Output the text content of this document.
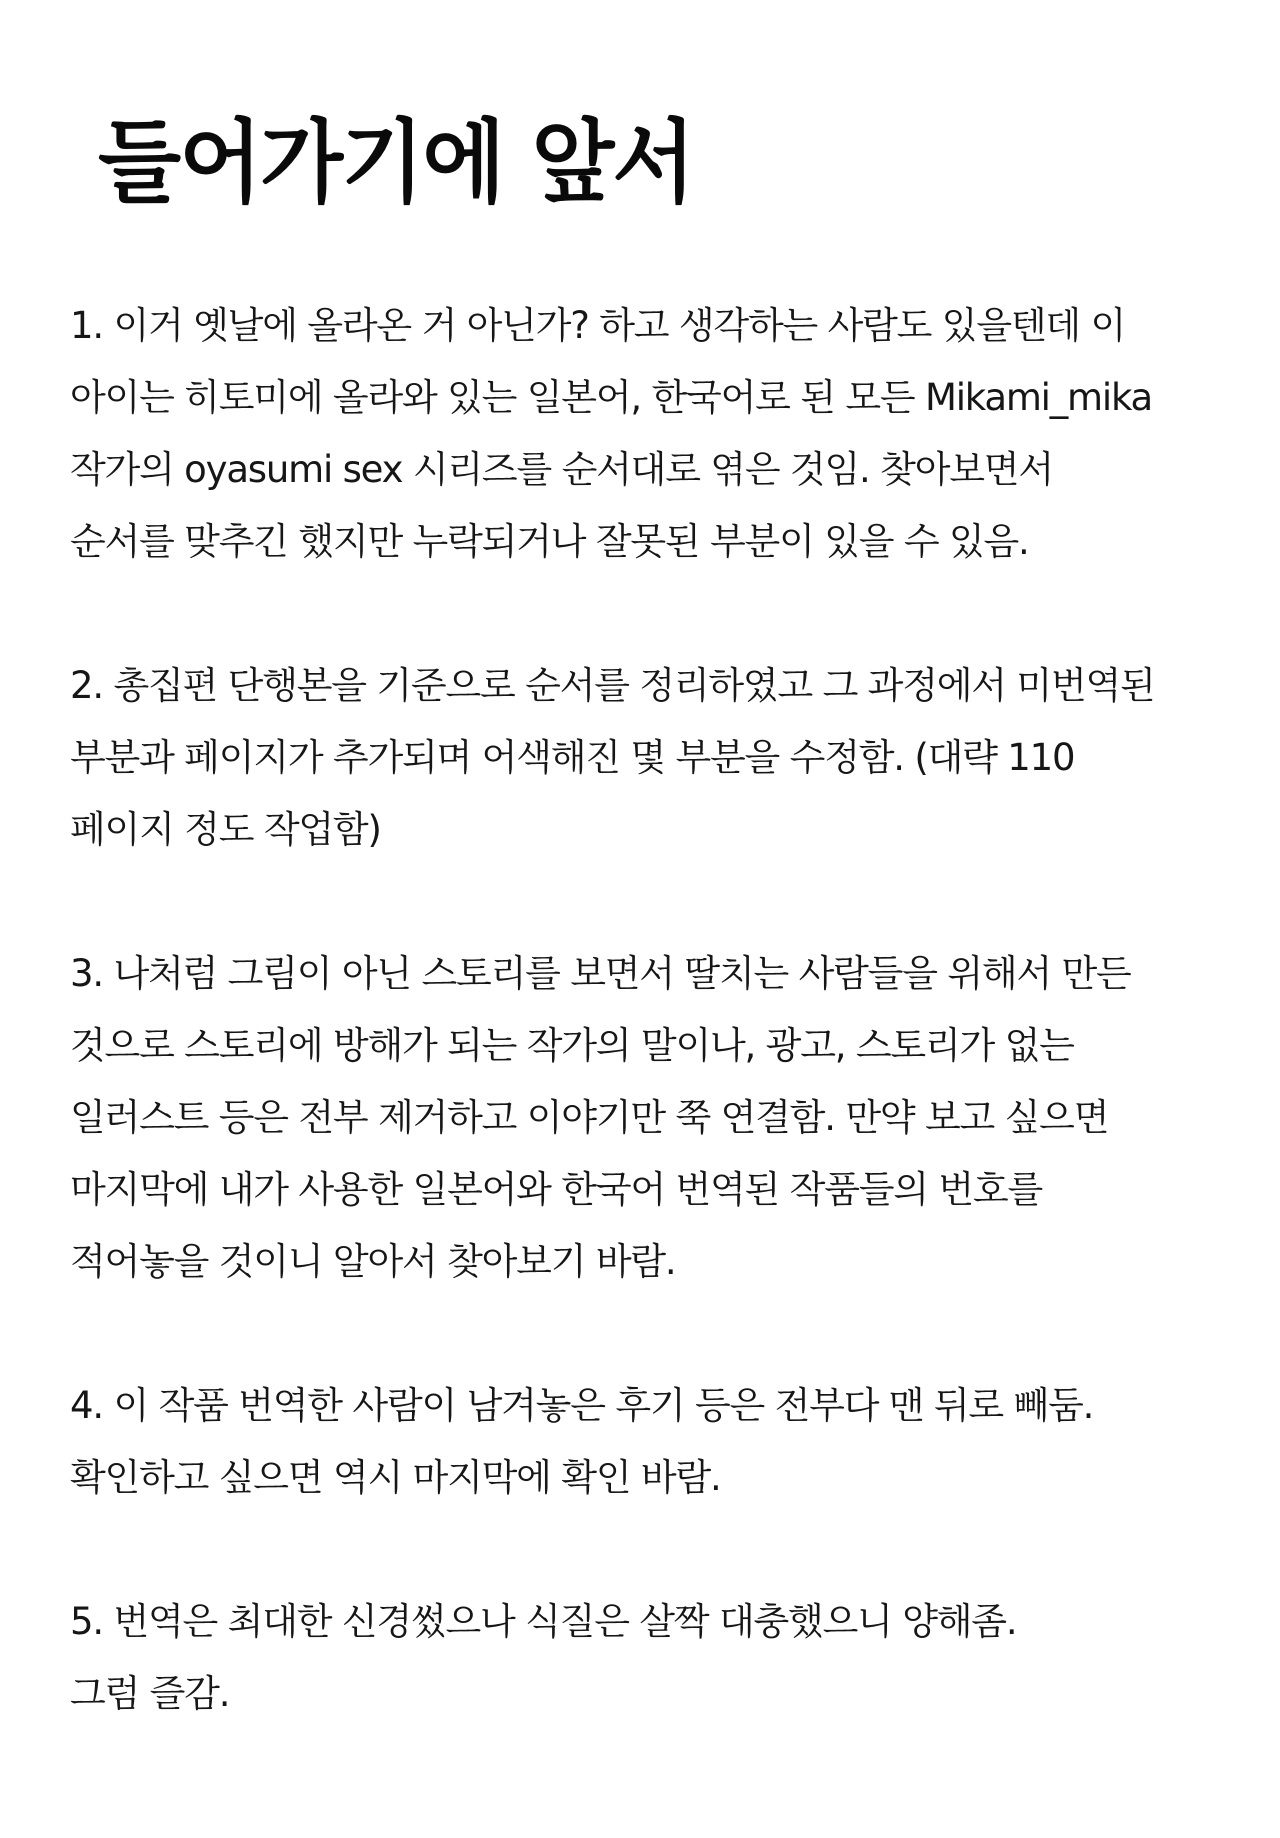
들어가기에 앞서
1. 이거 옛날에 올라온 거 아닌가? 하고 생각하는 사람도 있을텐데 이
아이는 히토미에 올라와 있는 일본어, 한국어로 된 모든 Mikami_mika
작가의 oyasumi sex 시리즈를 순서대로 엮은 것임. 찾아보면서
순서를 맞추긴 했지만 누락되거나 잘못된 부분이 있을 수 있음.
2. 총집편 단행본을 기준으로 순서를 정리하였고 그 과정에서 미번역된
부분과 페이지가 추가되며 어색해진 몇 부분을 수정함. (대략 110
페이지 정도 작업함)
3. 나처럼 그림이 아닌 스토리를 보면서 딸치는 사람들을 위해서 만든
것으로 스토리에 방해가 되는 작가의 말이나, 광고, 스토리가 없는
일러스트 등은 전부 제거하고 이야기만 쭉 연결함. 만약 보고 싶으면
마지막에 내가 사용한 일본어와 한국어 번역된 작품들의 번호를
적어놓을 것이니 알아서 찾아보기 바람.
4. 이 작품 번역한 사람이 남겨놓은 후기 등은 전부다 맨 뒤로 빼둠.
확인하고 싶으면 역시 마지막에 확인 바람.
5. 번역은 최대한 신경썼으나 식질은 살짝 대충했으니 양해좀.
그럼 즐감.
